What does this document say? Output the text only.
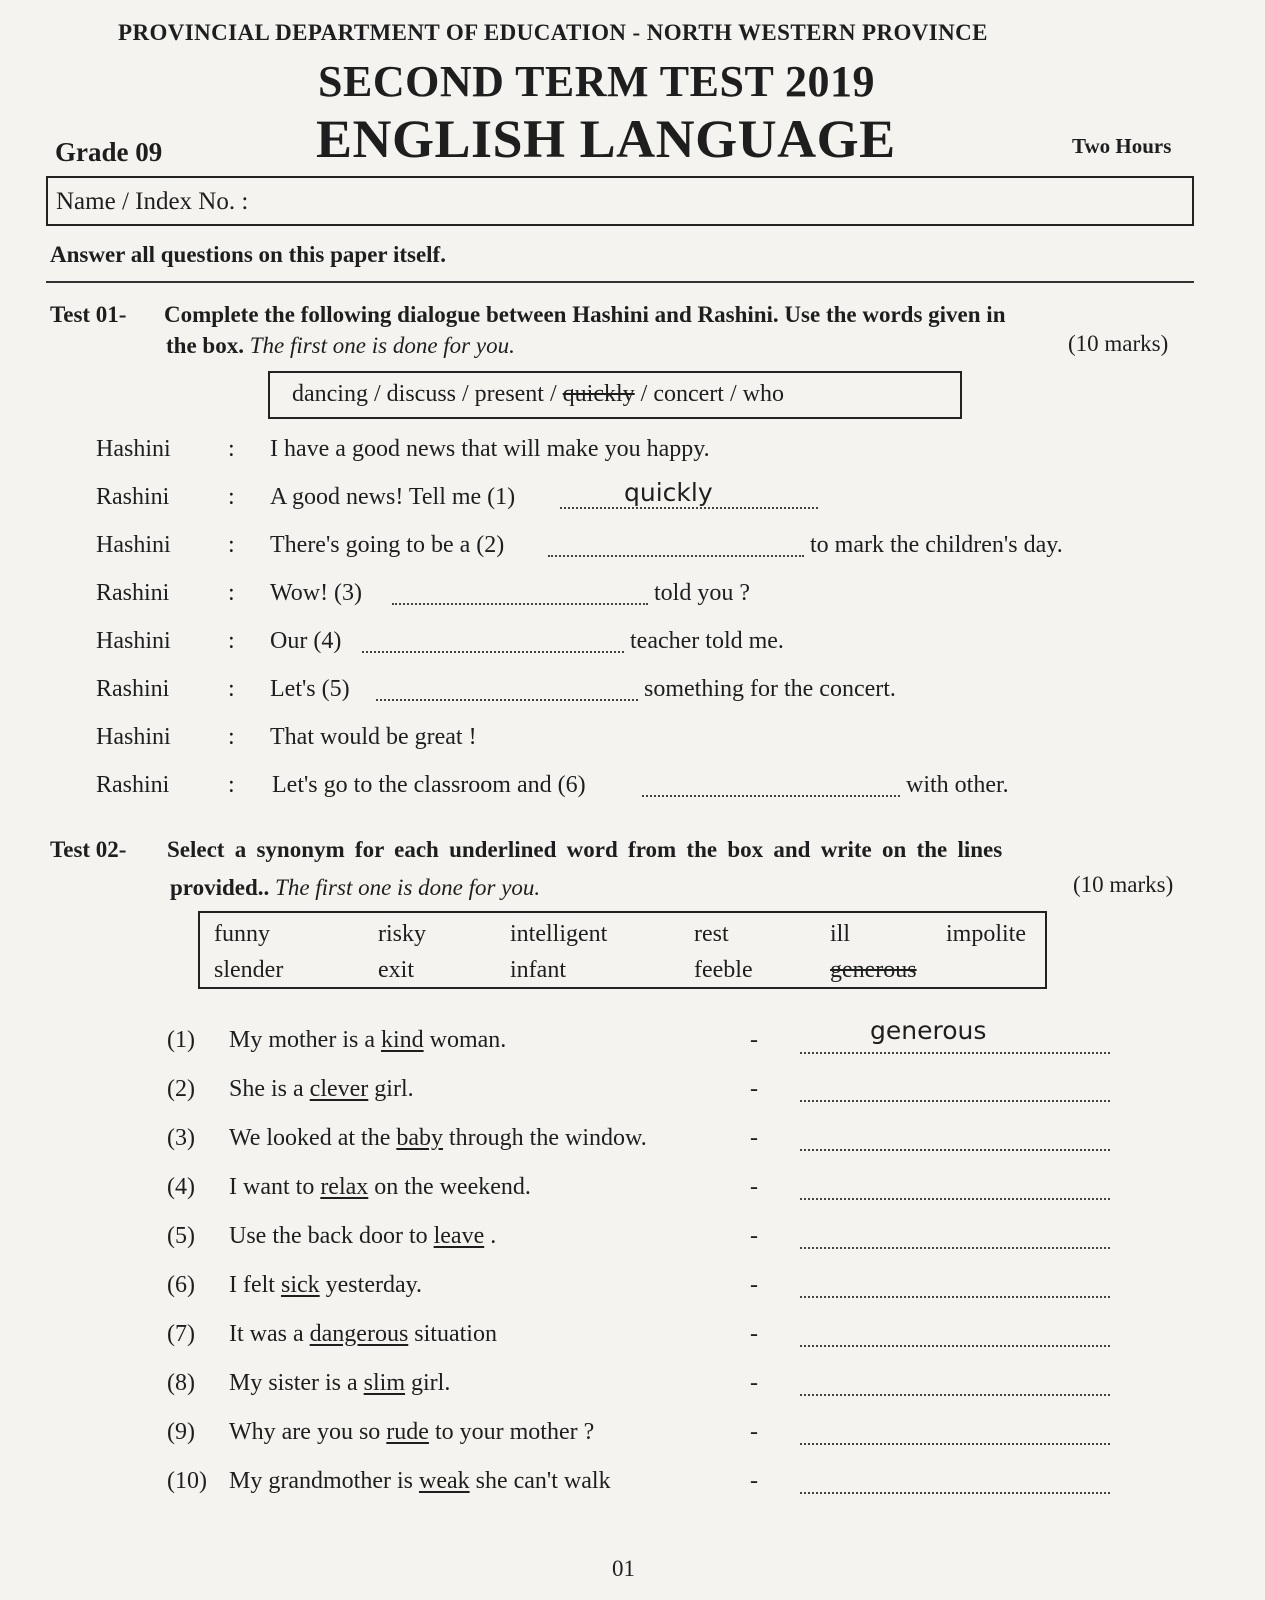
PROVINCIAL DEPARTMENT OF EDUCATION - NORTH WESTERN PROVINCE
SECOND TERM TEST 2019
ENGLISH LANGUAGE
Grade 09	Two Hours
Name / Index No. :
Answer all questions on this paper itself.
Test 01- Complete the following dialogue between Hashini and Rashini. Use the words given in
the box. The first one is done for you.	(10 marks)
dancing / discuss / present / quickly / concert / who
Hashini : I have a good news that will make you happy.
Rashini : A good news! Tell me (1)	quickly
Hashini : There's going to be a (2)	to mark the children's day.
Rashini : Wow! (3)	told you ?
Hashini : Our (4)	teacher told me.
Rashini : Let's (5)	something for the concert.
Hashini : That would be great !
Rashini : Let's go to the classroom and (6)	with other.
Test 02- Select a synonym for each underlined word from the box and write on the lines
provided.. The first one is done for you.	(10 marks)
funny	risky	intelligent	rest	ill	impolite
slender	exit	infant	feeble	generous
(1) My mother is a kind woman.	-	generous
(2) She is a clever girl.	-
(3) We looked at the baby through the window.	-
(4) I want to relax on the weekend.	-
(5) Use the back door to leave .	-
(6) I felt sick yesterday.	-
(7) It was a dangerous situation	-
(8) My sister is a slim girl.	-
(9) Why are you so rude to your mother ?	-
(10) My grandmother is weak she can't walk	-
01
